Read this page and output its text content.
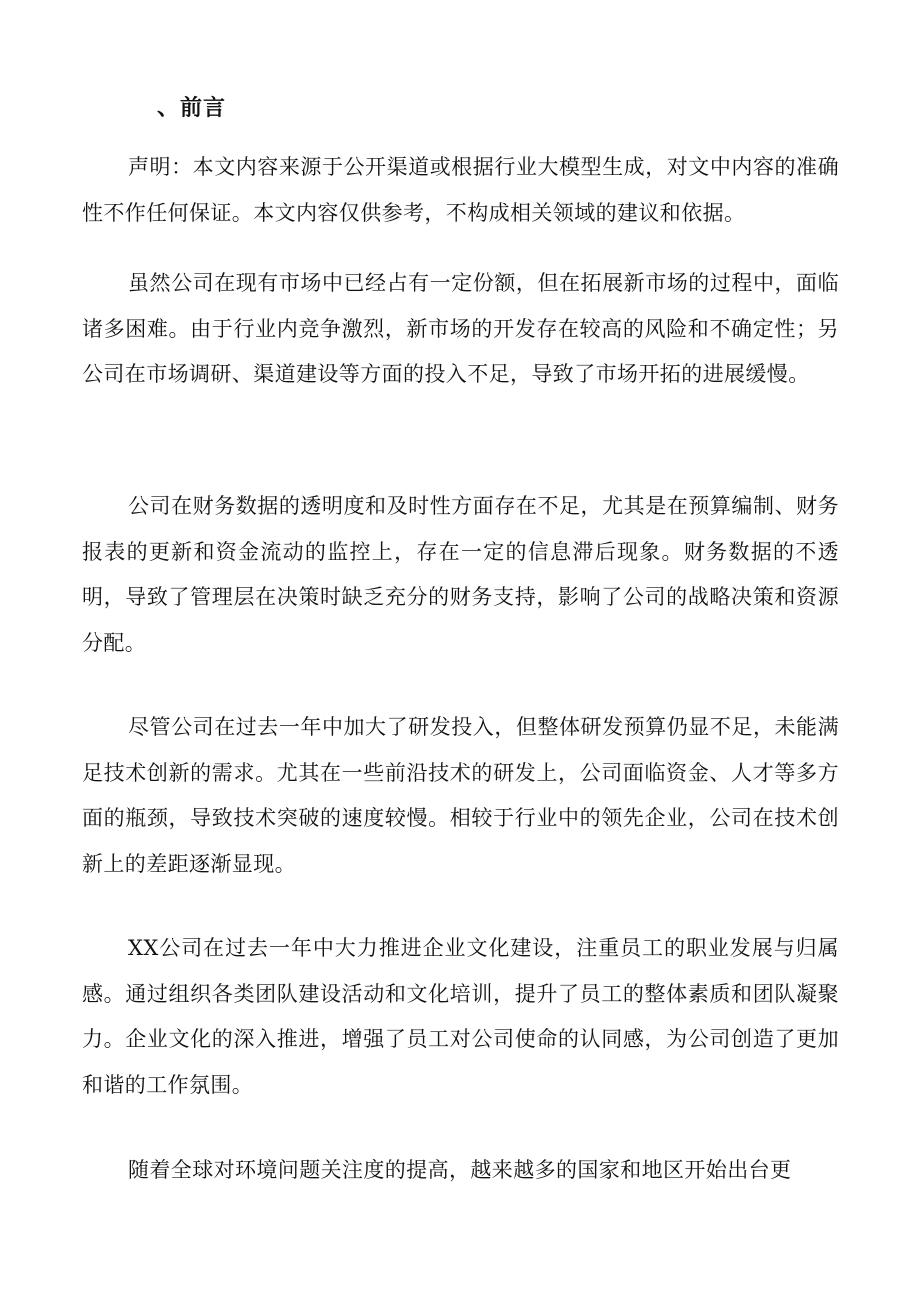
、前言

声明：本文内容来源于公开渠道或根据行业大模型生成，对文中内容的准确性不作任何保证。本文内容仅供参考，不构成相关领域的建议和依据。

虽然公司在现有市场中已经占有一定份额，但在拓展新市场的过程中，面临诸多困难。由于行业内竞争激烈，新市场的开发存在较高的风险和不确定性；另公司在市场调研、渠道建设等方面的投入不足，导致了市场开拓的进展缓慢。

公司在财务数据的透明度和及时性方面存在不足，尤其是在预算编制、财务报表的更新和资金流动的监控上，存在一定的信息滞后现象。财务数据的不透明，导致了管理层在决策时缺乏充分的财务支持，影响了公司的战略决策和资源分配。

尽管公司在过去一年中加大了研发投入，但整体研发预算仍显不足，未能满足技术创新的需求。尤其在一些前沿技术的研发上，公司面临资金、人才等多方面的瓶颈，导致技术突破的速度较慢。相较于行业中的领先企业，公司在技术创新上的差距逐渐显现。

XX公司在过去一年中大力推进企业文化建设，注重员工的职业发展与归属感。通过组织各类团队建设活动和文化培训，提升了员工的整体素质和团队凝聚力。企业文化的深入推进，增强了员工对公司使命的认同感，为公司创造了更加和谐的工作氛围。

随着全球对环境问题关注度的提高，越来越多的国家和地区开始出台更
